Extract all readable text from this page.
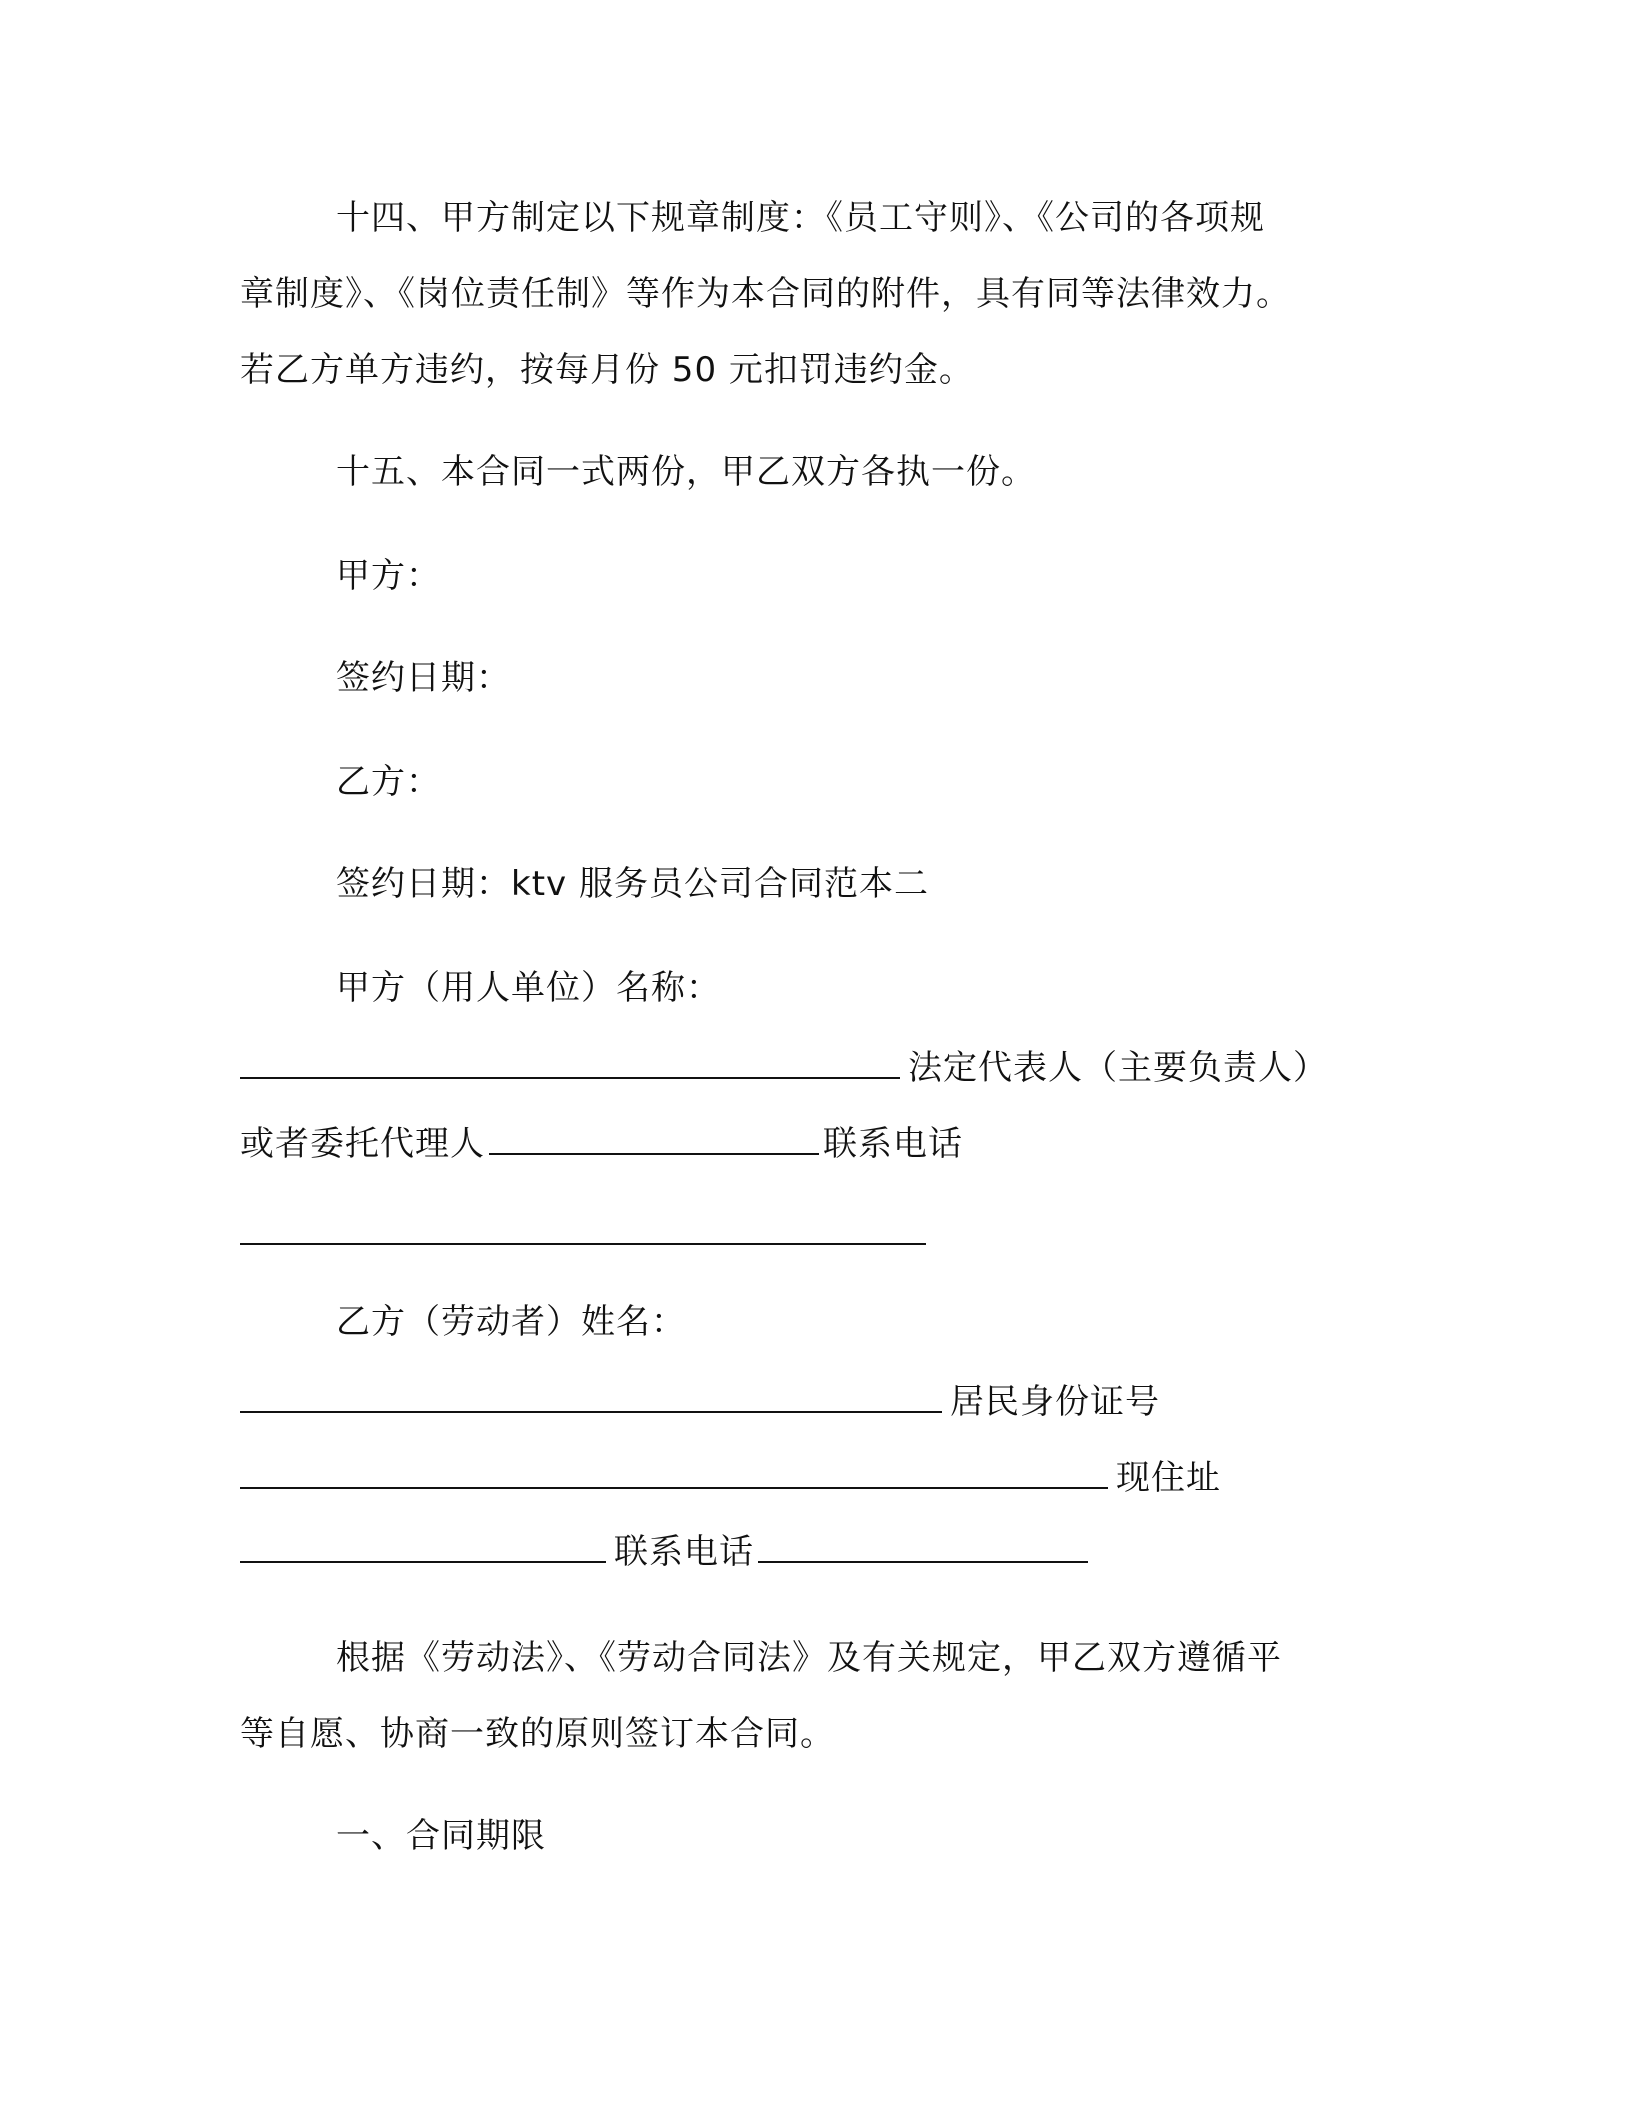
十四、甲方制定以下规章制度：《员工守则》、《公司的各项规
章制度》、《岗位责任制》等作为本合同的附件，具有同等法律效力。
若乙方单方违约，按每月份 50 元扣罚违约金。
十五、本合同一式两份，甲乙双方各执一份。
甲方：
签约日期：
乙方：
签约日期：ktv 服务员公司合同范本二
甲方（用人单位）名称：
法定代表人（主要负责人）
或者委托代理人	联系电话
乙方（劳动者）姓名：
居民身份证号
现住址
联系电话
根据《劳动法》、《劳动合同法》及有关规定，甲乙双方遵循平
等自愿、协商一致的原则签订本合同。
一、合同期限
